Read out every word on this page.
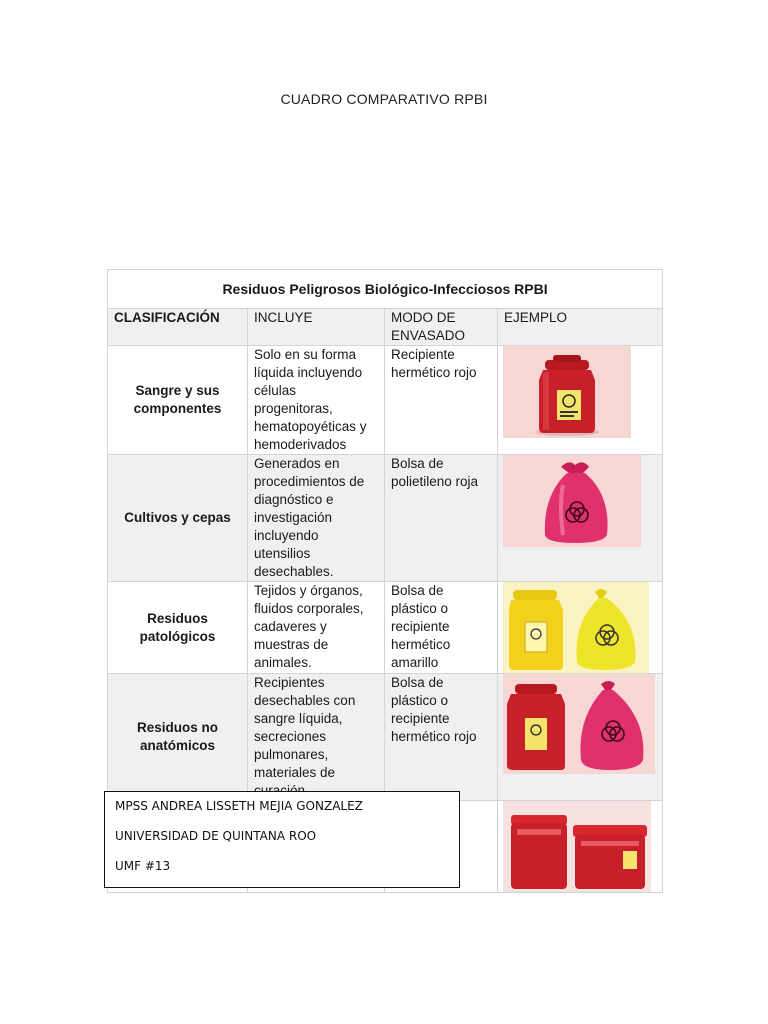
CUADRO COMPARATIVO RPBI
Residuos Peligrosos Biológico-Infecciosos RPBI			
CLASIFICACIÓN	INCLUYE	MODO DE ENVASADO	EJEMPLO
Sangre y sus componentes	Solo en su forma líquida incluyendo células progenitoras, hematopoyéticas y hemoderivados	Recipiente hermético rojo	

Cultivos y cepas	Generados en procedimientos de diagnóstico e investigación incluyendo utensilios desechables.	Bolsa de polietileno roja	

Residuos patológicos	Tejidos y órganos, fluidos corporales, cadaveres y muestras de animales.	Bolsa de plástico o recipiente hermético amarillo	

Residuos no anatómicos	Recipientes desechables con sangre líquida, secreciones pulmonares, materiales de	Bolsa de plástico o recipiente hermético rojo	

MPSS ANDREA LISSETH MEJIA GONZALEZ
UNIVERSIDAD DE QUINTANA ROO
UMF #13
